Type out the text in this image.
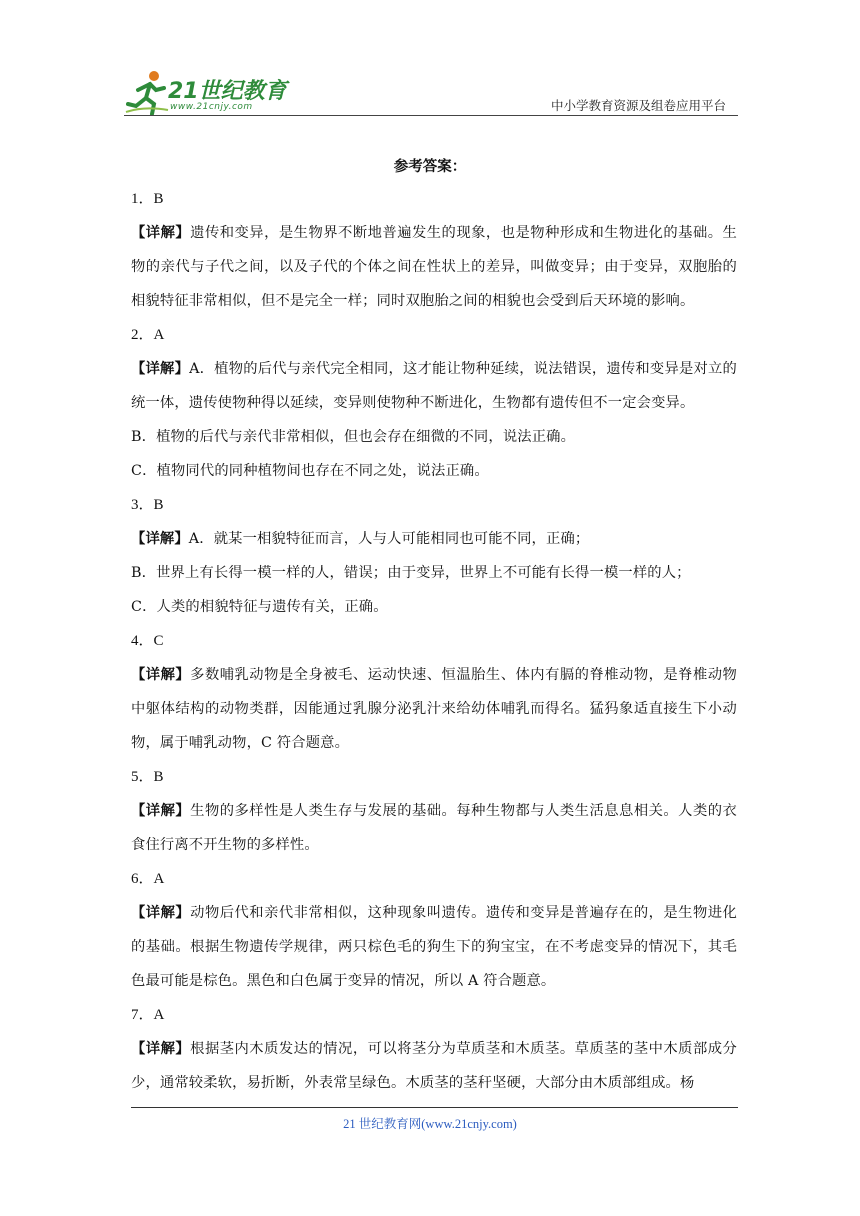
21世纪教育
www.21cnjy.com	中小学教育资源及组卷应用平台
参考答案：
1．B
【详解】遗传和变异，是生物界不断地普遍发生的现象，也是物种形成和生物进化的基础。生物的亲代与子代之间，以及子代的个体之间在性状上的差异，叫做变异；由于变异，双胞胎的相貌特征非常相似，但不是完全一样；同时双胞胎之间的相貌也会受到后天环境的影响。
2．A
【详解】A．植物的后代与亲代完全相同，这才能让物种延续，说法错误，遗传和变异是对立的统一体，遗传使物种得以延续，变异则使物种不断进化，生物都有遗传但不一定会变异。
B．植物的后代与亲代非常相似，但也会存在细微的不同，说法正确。
C．植物同代的同种植物间也存在不同之处，说法正确。
3．B
【详解】A．就某一相貌特征而言，人与人可能相同也可能不同，正确；
B．世界上有长得一模一样的人，错误；由于变异，世界上不可能有长得一模一样的人；
C．人类的相貌特征与遗传有关，正确。
4．C
【详解】多数哺乳动物是全身被毛、运动快速、恒温胎生、体内有膈的脊椎动物，是脊椎动物中躯体结构的动物类群，因能通过乳腺分泌乳汁来给幼体哺乳而得名。猛犸象适直接生下小动物，属于哺乳动物，C 符合题意。
5．B
【详解】生物的多样性是人类生存与发展的基础。每种生物都与人类生活息息相关。人类的衣食住行离不开生物的多样性。
6．A
【详解】动物后代和亲代非常相似，这种现象叫遗传。遗传和变异是普遍存在的，是生物进化的基础。根据生物遗传学规律，两只棕色毛的狗生下的狗宝宝，在不考虑变异的情况下，其毛色最可能是棕色。黑色和白色属于变异的情况，所以 A 符合题意。
7．A
【详解】根据茎内木质发达的情况，可以将茎分为草质茎和木质茎。草质茎的茎中木质部成分少，通常较柔软，易折断，外表常呈绿色。木质茎的茎秆坚硬，大部分由木质部组成。杨
21 世纪教育网(www.21cnjy.com)
